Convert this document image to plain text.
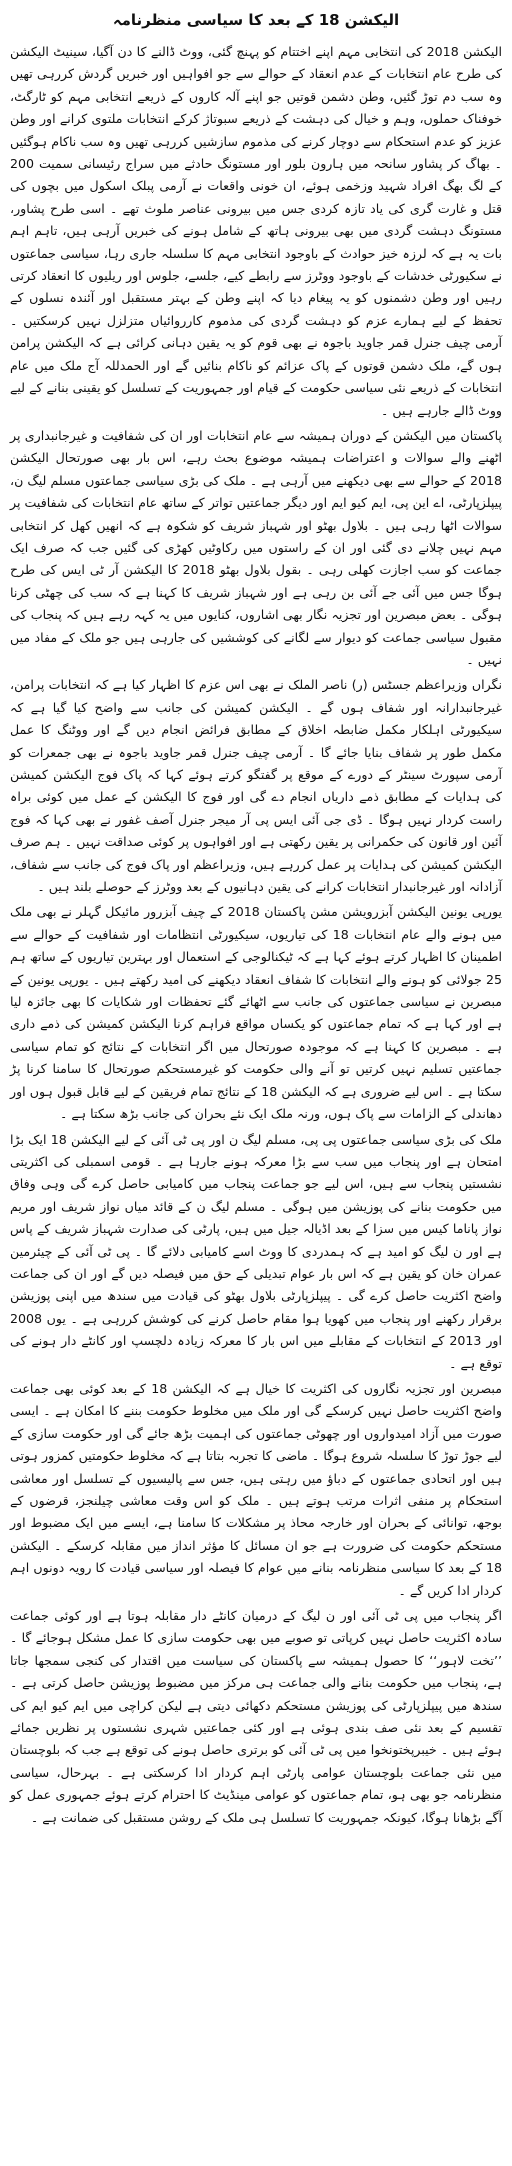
الیکشن 18 کے بعد کا سیاسی منظرنامہ

الیکشن 2018 کی انتخابی مہم اپنے اختتام کو پہنچ گئی، ووٹ ڈالنے کا دن آگیا، سینیٹ الیکشن کی طرح عام انتخابات کے عدم انعقاد کے حوالے سے جو افواہیں اور خبریں گردش کررہی تھیں وہ سب دم توڑ گئیں، وطن دشمن قوتیں جو اپنے آلہ کاروں کے ذریعے انتخابی مہم کو ٹارگٹ، خوفناک حملوں، وہم و خیال کی دہشت کے ذریعے سبوتاژ کرکے انتخابات ملتوی کرانے اور وطن عزیز کو عدم استحکام سے دوچار کرنے کی مذموم سازشیں کررہی تھیں وہ سب ناکام ہوگئیں ۔ بھاگ کر پشاور سانحہ میں ہارون بلور اور مستونگ حادثے میں سراج رئیسانی سمیت 200 کے لگ بھگ افراد شہید وزخمی ہوئے، ان خونی واقعات نے آرمی پبلک اسکول میں بچوں کی قتل و غارت گری کی یاد تازہ کردی جس میں بیرونی عناصر ملوث تھے ۔ اسی طرح پشاور، مستونگ دہشت گردی میں بھی بیرونی ہاتھ کے شامل ہونے کی خبریں آرہی ہیں، تاہم اہم بات یہ ہے کہ لرزہ خیز حوادث کے باوجود انتخابی مہم کا سلسلہ جاری رہا، سیاسی جماعتوں نے سکیورٹی خدشات کے باوجود ووٹرز سے رابطے کیے، جلسے، جلوس اور ریلیوں کا انعقاد کرتی رہیں اور وطن دشمنوں کو یہ پیغام دیا کہ اپنے وطن کے بہتر مستقبل اور آئندہ نسلوں کے تحفظ کے لیے ہمارے عزم کو دہشت گردی کی مذموم کارروائیاں متزلزل نہیں کرسکتیں ۔ آرمی چیف جنرل قمر جاوید باجوہ نے بھی قوم کو یہ یقین دہانی کرائی ہے کہ الیکشن پرامن ہوں گے، ملک دشمن قوتوں کے پاک عزائم کو ناکام بنائیں گے اور الحمدللہ آج ملک میں عام انتخابات کے ذریعے نئی سیاسی حکومت کے قیام اور جمہوریت کے تسلسل کو یقینی بنانے کے لیے ووٹ ڈالے جارہے ہیں ۔

پاکستان میں الیکشن کے دوران ہمیشہ سے عام انتخابات اور ان کی شفافیت و غیرجانبداری پر اٹھنے والے سوالات و اعتراضات ہمیشہ موضوع بحث رہے، اس بار بھی صورتحال الیکشن 2018 کے حوالے سے بھی دیکھنے میں آرہی ہے ۔ ملک کی بڑی سیاسی جماعتوں مسلم لیگ ن، پیپلزپارٹی، اے این پی، ایم کیو ایم اور دیگر جماعتیں تواتر کے ساتھ عام انتخابات کی شفافیت پر سوالات اٹھا رہی ہیں ۔ بلاول بھٹو اور شہباز شریف کو شکوہ ہے کہ انھیں کھل کر انتخابی مہم نہیں چلانے دی گئی اور ان کے راستوں میں رکاوٹیں کھڑی کی گئیں جب کہ صرف ایک جماعت کو سب اجازت کھلی رہی ۔ بقول بلاول بھٹو 2018 کا الیکشن آر ٹی ایس کی طرح ہوگا جس میں آئی جے آئی بن رہی ہے اور شہباز شریف کا کہنا ہے کہ سب کی چھٹی کرنا ہوگی ۔ بعض مبصرین اور تجزیہ نگار بھی اشاروں، کنایوں میں یہ کہہ رہے ہیں کہ پنجاب کی مقبول سیاسی جماعت کو دیوار سے لگانے کی کوششیں کی جارہی ہیں جو ملک کے مفاد میں نہیں ۔

نگراں وزیراعظم جسٹس (ر) ناصر الملک نے بھی اس عزم کا اظہار کیا ہے کہ انتخابات پرامن، غیرجانبدارانہ اور شفاف ہوں گے ۔ الیکشن کمیشن کی جانب سے واضح کیا گیا ہے کہ سیکیورٹی اہلکار مکمل ضابطہ اخلاق کے مطابق فرائض انجام دیں گے اور ووٹنگ کا عمل مکمل طور پر شفاف بنایا جائے گا ۔ آرمی چیف جنرل قمر جاوید باجوہ نے بھی جمعرات کو آرمی سپورٹ سینٹر کے دورے کے موقع پر گفتگو کرتے ہوئے کہا کہ پاک فوج الیکشن کمیشن کی ہدایات کے مطابق ذمے داریاں انجام دے گی اور فوج کا الیکشن کے عمل میں کوئی براہ راست کردار نہیں ہوگا ۔ ڈی جی آئی ایس پی آر میجر جنرل آصف غفور نے بھی کہا کہ فوج آئین اور قانون کی حکمرانی پر یقین رکھتی ہے اور افواہوں پر کوئی صداقت نہیں ۔ ہم صرف الیکشن کمیشن کی ہدایات پر عمل کررہے ہیں، وزیراعظم اور پاک فوج کی جانب سے شفاف، آزادانہ اور غیرجانبدار انتخابات کرانے کی یقین دہانیوں کے بعد ووٹرز کے حوصلے بلند ہیں ۔

یورپی یونین الیکشن آبزرویشن مشن پاکستان 2018 کے چیف آبزرور مائیکل گہلر نے بھی ملک میں ہونے والے عام انتخابات 18 کی تیاریوں، سیکیورٹی انتظامات اور شفافیت کے حوالے سے اطمینان کا اظہار کرتے ہوئے کہا ہے کہ ٹیکنالوجی کے استعمال اور بہترین تیاریوں کے ساتھ ہم 25 جولائی کو ہونے والے انتخابات کا شفاف انعقاد دیکھنے کی امید رکھتے ہیں ۔ یورپی یونین کے مبصرین نے سیاسی جماعتوں کی جانب سے اٹھائے گئے تحفظات اور شکایات کا بھی جائزہ لیا ہے اور کہا ہے کہ تمام جماعتوں کو یکساں مواقع فراہم کرنا الیکشن کمیشن کی ذمے داری ہے ۔ مبصرین کا کہنا ہے کہ موجودہ صورتحال میں اگر انتخابات کے نتائج کو تمام سیاسی جماعتیں تسلیم نہیں کرتیں تو آنے والی حکومت کو غیرمستحکم صورتحال کا سامنا کرنا پڑ سکتا ہے ۔ اس لیے ضروری ہے کہ الیکشن 18 کے نتائج تمام فریقین کے لیے قابل قبول ہوں اور دھاندلی کے الزامات سے پاک ہوں، ورنہ ملک ایک نئے بحران کی جانب بڑھ سکتا ہے ۔

ملک کی بڑی سیاسی جماعتوں پی پی، مسلم لیگ ن اور پی ٹی آئی کے لیے الیکشن 18 ایک بڑا امتحان ہے اور پنجاب میں سب سے بڑا معرکہ ہونے جارہا ہے ۔ قومی اسمبلی کی اکثریتی نشستیں پنجاب سے ہیں، اس لیے جو جماعت پنجاب میں کامیابی حاصل کرے گی وہی وفاق میں حکومت بنانے کی پوزیشن میں ہوگی ۔ مسلم لیگ ن کے قائد میاں نواز شریف اور مریم نواز پاناما کیس میں سزا کے بعد اڈیالہ جیل میں ہیں، پارٹی کی صدارت شہباز شریف کے پاس ہے اور ن لیگ کو امید ہے کہ ہمدردی کا ووٹ اسے کامیابی دلائے گا ۔ پی ٹی آئی کے چیئرمین عمران خان کو یقین ہے کہ اس بار عوام تبدیلی کے حق میں فیصلہ دیں گے اور ان کی جماعت واضح اکثریت حاصل کرے گی ۔ پیپلزپارٹی بلاول بھٹو کی قیادت میں سندھ میں اپنی پوزیشن برقرار رکھنے اور پنجاب میں کھویا ہوا مقام حاصل کرنے کی کوشش کررہی ہے ۔ یوں 2008 اور 2013 کے انتخابات کے مقابلے میں اس بار کا معرکہ زیادہ دلچسپ اور کانٹے دار ہونے کی توقع ہے ۔

مبصرین اور تجزیہ نگاروں کی اکثریت کا خیال ہے کہ الیکشن 18 کے بعد کوئی بھی جماعت واضح اکثریت حاصل نہیں کرسکے گی اور ملک میں مخلوط حکومت بننے کا امکان ہے ۔ ایسی صورت میں آزاد امیدواروں اور چھوٹی جماعتوں کی اہمیت بڑھ جائے گی اور حکومت سازی کے لیے جوڑ توڑ کا سلسلہ شروع ہوگا ۔ ماضی کا تجربہ بتاتا ہے کہ مخلوط حکومتیں کمزور ہوتی ہیں اور اتحادی جماعتوں کے دباؤ میں رہتی ہیں، جس سے پالیسیوں کے تسلسل اور معاشی استحکام پر منفی اثرات مرتب ہوتے ہیں ۔ ملک کو اس وقت معاشی چیلنجز، قرضوں کے بوجھ، توانائی کے بحران اور خارجہ محاذ پر مشکلات کا سامنا ہے، ایسے میں ایک مضبوط اور مستحکم حکومت کی ضرورت ہے جو ان مسائل کا مؤثر انداز میں مقابلہ کرسکے ۔ الیکشن 18 کے بعد کا سیاسی منظرنامہ بنانے میں عوام کا فیصلہ اور سیاسی قیادت کا رویہ دونوں اہم کردار ادا کریں گے ۔

اگر پنجاب میں پی ٹی آئی اور ن لیگ کے درمیان کانٹے دار مقابلہ ہوتا ہے اور کوئی جماعت سادہ اکثریت حاصل نہیں کرپاتی تو صوبے میں بھی حکومت سازی کا عمل مشکل ہوجائے گا ۔ ’’تخت لاہور‘‘ کا حصول ہمیشہ سے پاکستان کی سیاست میں اقتدار کی کنجی سمجھا جاتا ہے، پنجاب میں حکومت بنانے والی جماعت ہی مرکز میں مضبوط پوزیشن حاصل کرتی ہے ۔ سندھ میں پیپلزپارٹی کی پوزیشن مستحکم دکھائی دیتی ہے لیکن کراچی میں ایم کیو ایم کی تقسیم کے بعد نئی صف بندی ہوئی ہے اور کئی جماعتیں شہری نشستوں پر نظریں جمائے ہوئے ہیں ۔ خیبرپختونخوا میں پی ٹی آئی کو برتری حاصل ہونے کی توقع ہے جب کہ بلوچستان میں نئی جماعت بلوچستان عوامی پارٹی اہم کردار ادا کرسکتی ہے ۔ بہرحال، سیاسی منظرنامہ جو بھی ہو، تمام جماعتوں کو عوامی مینڈیٹ کا احترام کرتے ہوئے جمہوری عمل کو آگے بڑھانا ہوگا، کیونکہ جمہوریت کا تسلسل ہی ملک کے روشن مستقبل کی ضمانت ہے ۔
